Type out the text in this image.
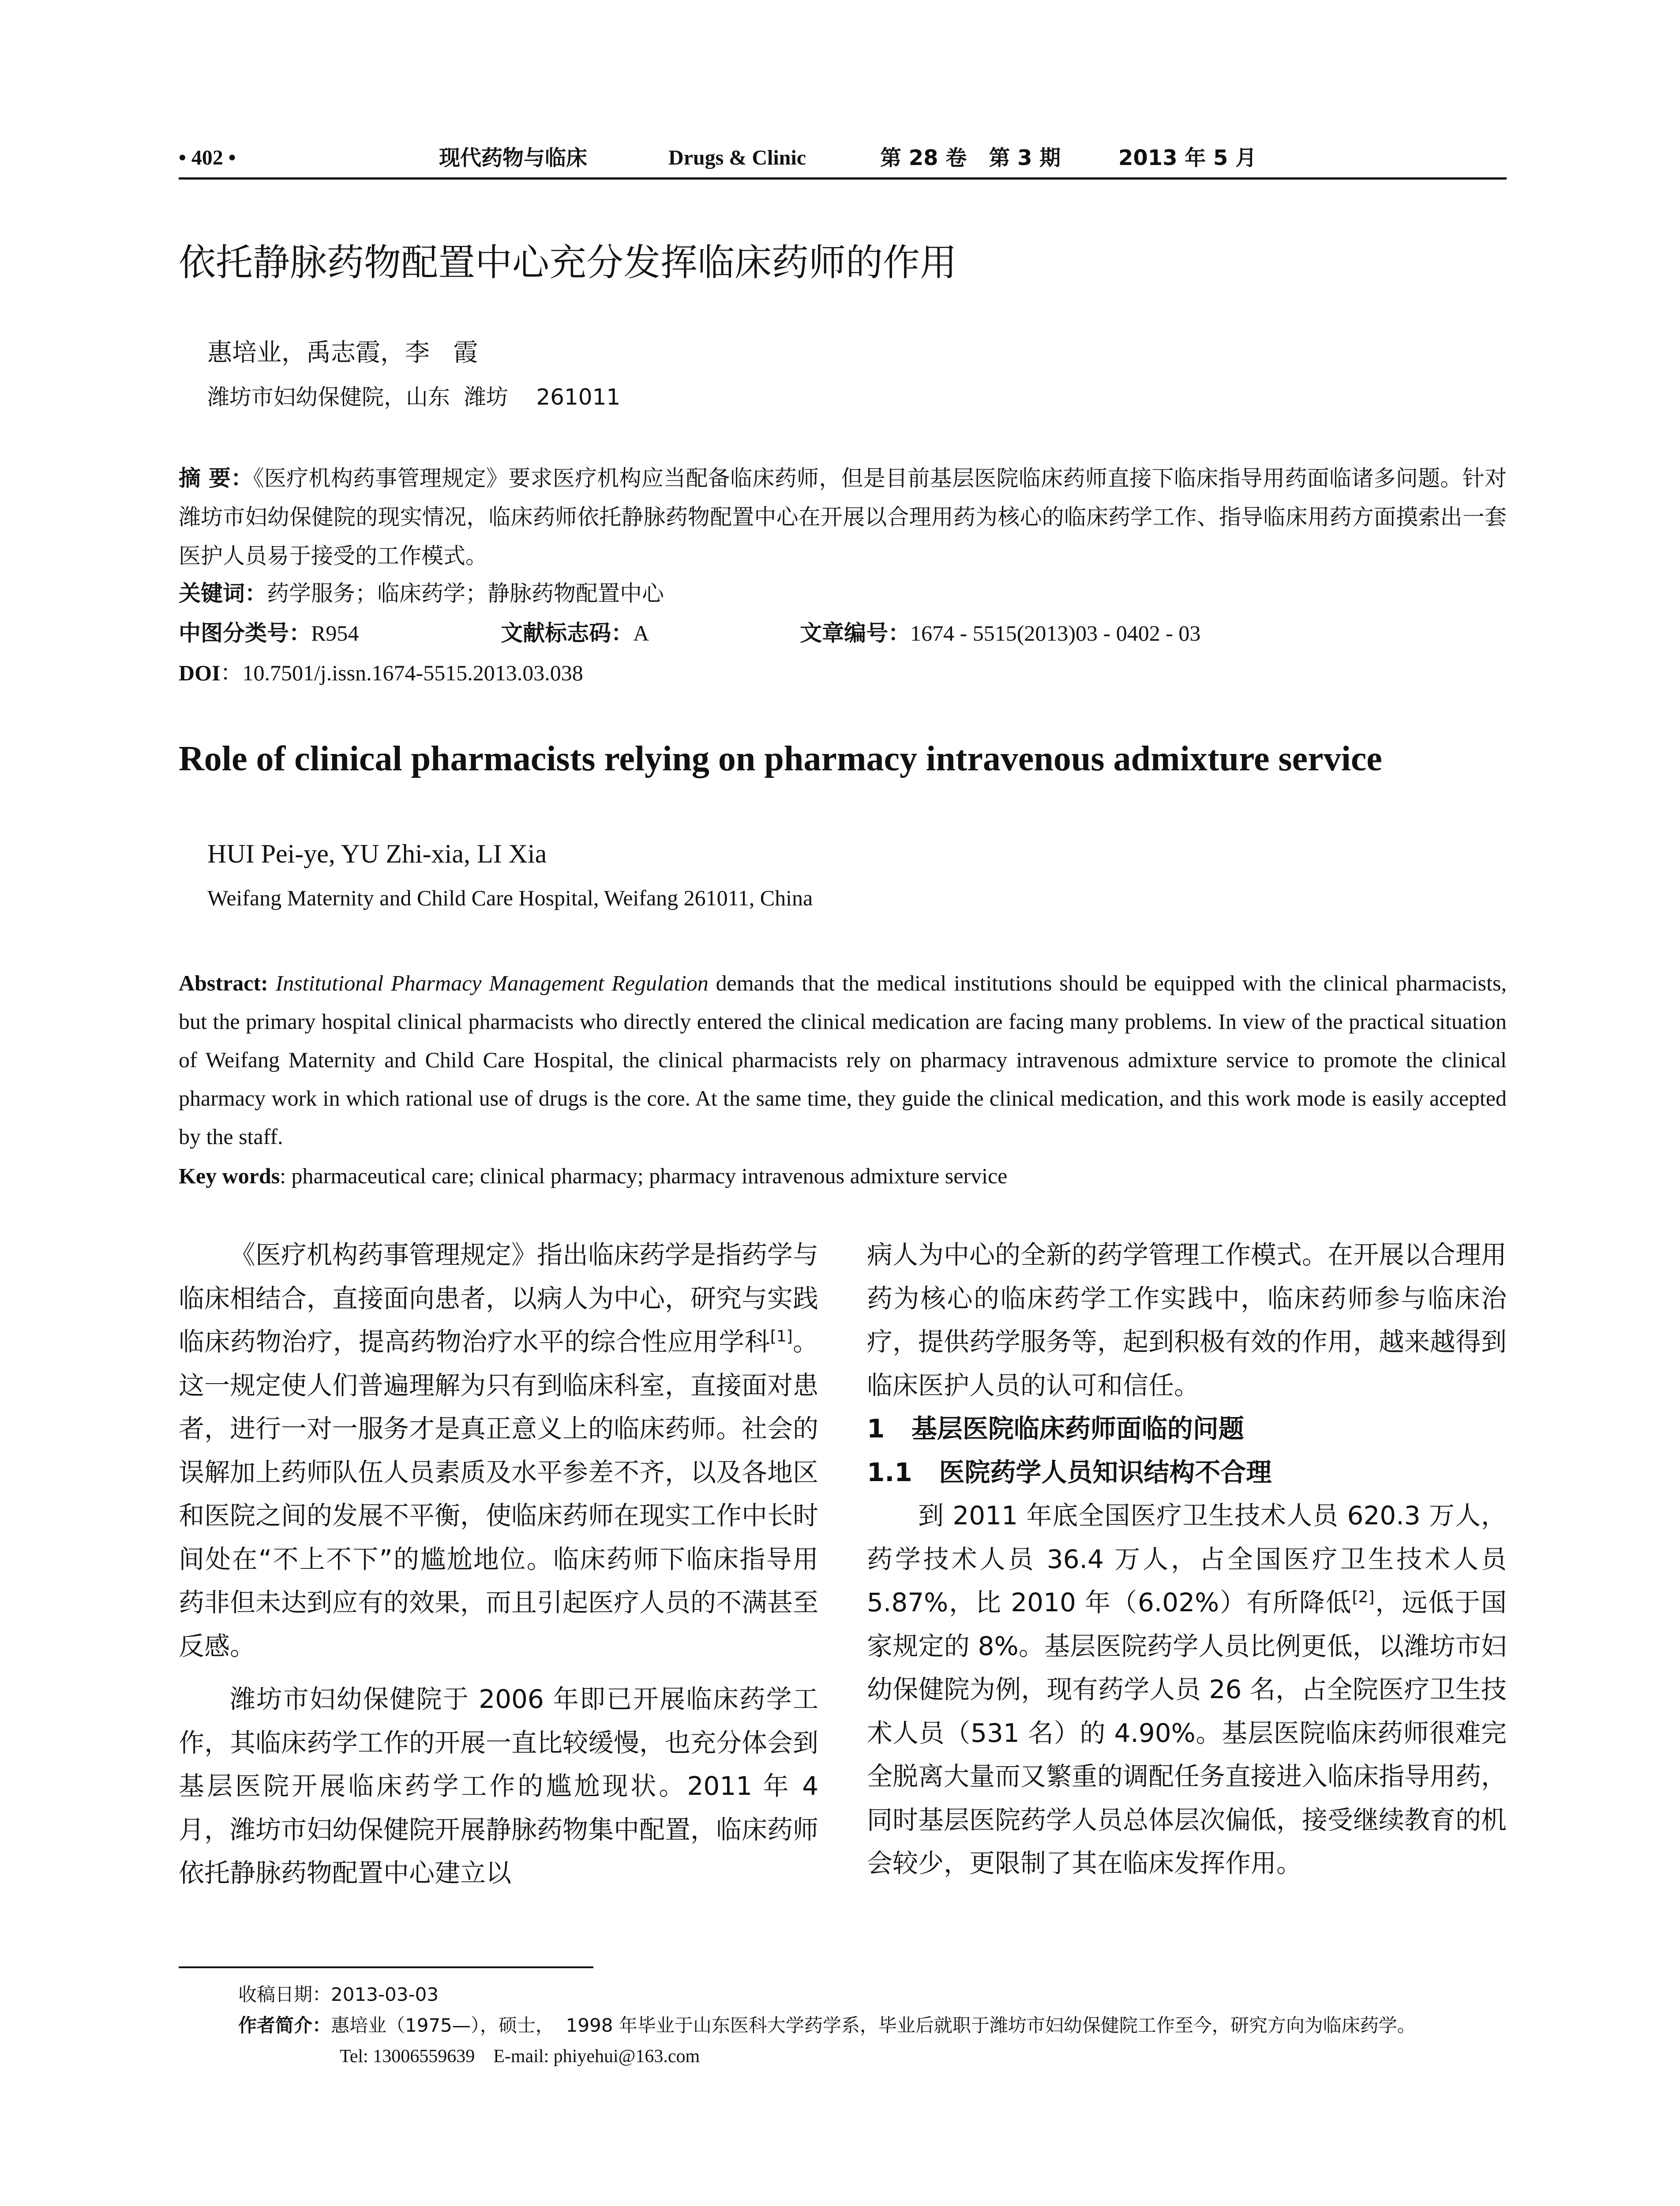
• 402 •	现代药物与临床	Drugs & Clinic	第 28 卷   第 3 期	2013 年 5 月
依托静脉药物配置中心充分发挥临床药师的作用
惠培业，禹志霞，李   霞
潍坊市妇幼保健院，山东  潍坊    261011
摘 要：《医疗机构药事管理规定》要求医疗机构应当配备临床药师，但是目前基层医院临床药师直接下临床指导用药面临诸多问题。针对潍坊市妇幼保健院的现实情况，临床药师依托静脉药物配置中心在开展以合理用药为核心的临床药学工作、指导临床用药方面摸索出一套医护人员易于接受的工作模式。
关键词：药学服务；临床药学；静脉药物配置中心
中图分类号：R954	文献标志码：A	文章编号：1674 - 5515(2013)03 - 0402 - 03
DOI：10.7501/j.issn.1674-5515.2013.03.038
Role of clinical pharmacists relying on pharmacy intravenous admixture service
HUI Pei-ye, YU Zhi-xia, LI Xia
Weifang Maternity and Child Care Hospital, Weifang 261011, China
Abstract: Institutional Pharmacy Management Regulation demands that the medical institutions should be equipped with the clinical pharmacists, but the primary hospital clinical pharmacists who directly entered the clinical medication are facing many problems. In view of the practical situation of Weifang Maternity and Child Care Hospital, the clinical pharmacists rely on pharmacy intravenous admixture service to promote the clinical pharmacy work in which rational use of drugs is the core. At the same time, they guide the clinical medication, and this work mode is easily accepted by the staff.
Key words: pharmaceutical care; clinical pharmacy; pharmacy intravenous admixture service

《医疗机构药事管理规定》指出临床药学是指药学与临床相结合，直接面向患者，以病人为中心，研究与实践临床药物治疗，提高药物治疗水平的综合性应用学科[1]。这一规定使人们普遍理解为只有到临床科室，直接面对患者，进行一对一服务才是真正意义上的临床药师。社会的误解加上药师队伍人员素质及水平参差不齐，以及各地区和医院之间的发展不平衡，使临床药师在现实工作中长时间处在“不上不下”的尴尬地位。临床药师下临床指导用药非但未达到应有的效果，而且引起医疗人员的不满甚至反感。

潍坊市妇幼保健院于 2006 年即已开展临床药学工作，其临床药学工作的开展一直比较缓慢，也充分体会到基层医院开展临床药学工作的尴尬现状。2011 年 4 月，潍坊市妇幼保健院开展静脉药物集中配置，临床药师依托静脉药物配置中心建立以

病人为中心的全新的药学管理工作模式。在开展以合理用药为核心的临床药学工作实践中，临床药师参与临床治疗，提供药学服务等，起到积极有效的作用，越来越得到临床医护人员的认可和信任。

1   基层医院临床药师面临的问题

1.1   医院药学人员知识结构不合理

到 2011 年底全国医疗卫生技术人员 620.3 万人，药学技术人员 36.4 万人，占全国医疗卫生技术人员 5.87%，比 2010 年（6.02%）有所降低[2]，远低于国家规定的 8%。基层医院药学人员比例更低，以潍坊市妇幼保健院为例，现有药学人员 26 名，占全院医疗卫生技术人员（531 名）的 4.90%。基层医院临床药师很难完全脱离大量而又繁重的调配任务直接进入临床指导用药，同时基层医院药学人员总体层次偏低，接受继续教育的机会较少，更限制了其在临床发挥作用。

收稿日期：2013-03-03
作者简介：惠培业（1975—），硕士，  1998 年毕业于山东医科大学药学系，毕业后就职于潍坊市妇幼保健院工作至今，研究方向为临床药学。
Tel: 13006559639    E-mail: phiyehui@163.com
